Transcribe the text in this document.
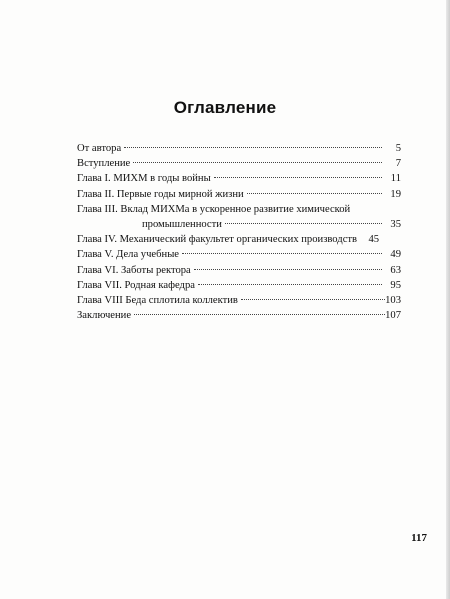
Оглавление
От автора	5
Вступление	7
Глава I. МИХМ в годы войны	11
Глава II. Первые годы мирной жизни	19
Глава III. Вклад МИХМа в ускоренное развитие химической
промышленности	35
Глава IV. Механический факультет органических производств	45
Глава V. Дела учебные	49
Глава VI. Заботы ректора	63
Глава VII. Родная кафедра	95
Глава VIII Беда сплотила коллектив	103
Заключение	107
117
